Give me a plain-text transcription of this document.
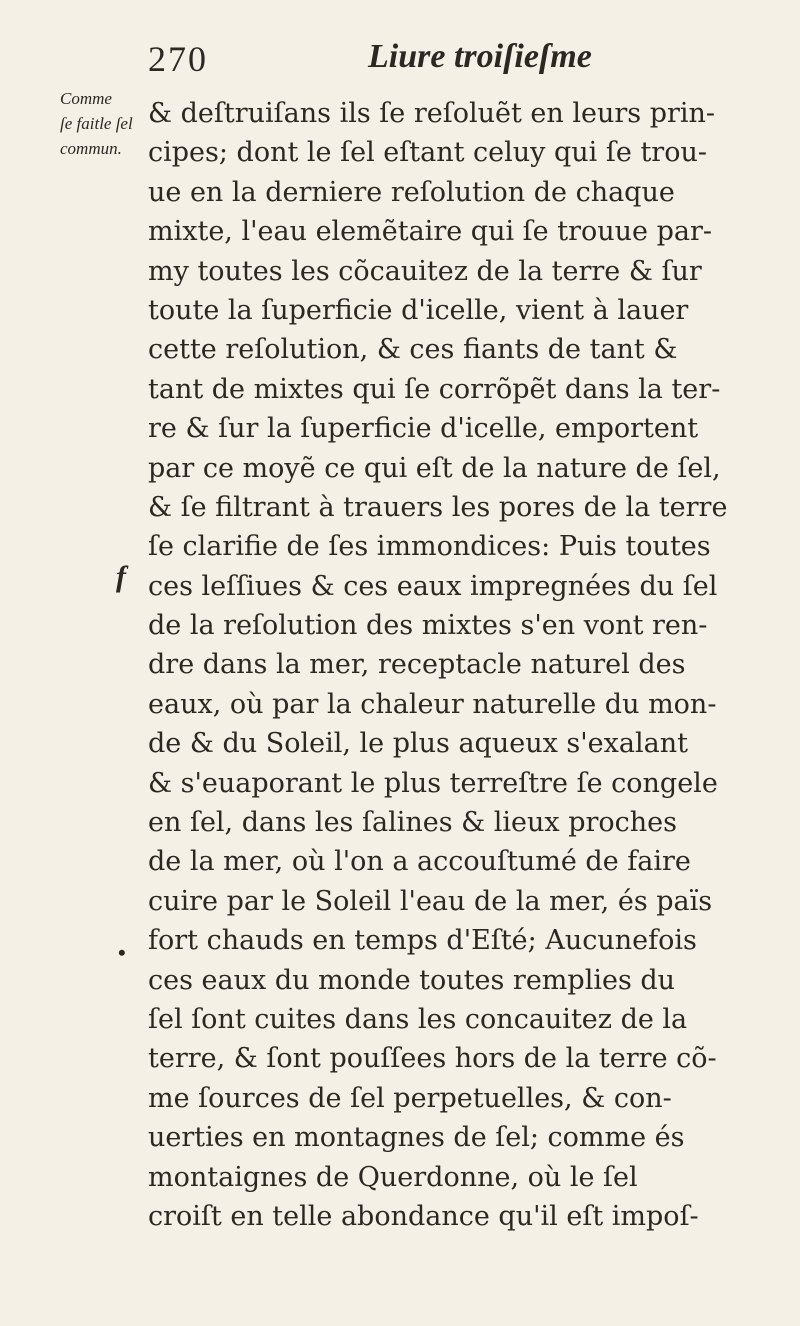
270	Liure troiſieſme
Comme
ſe faitle ſel
commun.
f
•
& deſtruiſans ils ſe reſoluẽt en leurs prin-
cipes; dont le ſel eſtant celuy qui ſe trou-
ue en la derniere reſolution de chaque
mixte, l'eau elemẽtaire qui ſe trouue par-
my toutes les cõcauitez de la terre & ſur
toute la ſuperficie d'icelle, vient à lauer
cette reſolution, & ces fiants de tant &
tant de mixtes qui ſe corrõpẽt dans la ter-
re & ſur la ſuperficie d'icelle, emportent
par ce moyẽ ce qui eſt de la nature de ſel,
& ſe filtrant à trauers les pores de la terre
ſe clarifie de ſes immondices: Puis toutes
ces leſſiues & ces eaux impregnées du ſel
de la reſolution des mixtes s'en vont ren-
dre dans la mer, receptacle naturel des
eaux, où par la chaleur naturelle du mon-
de & du Soleil, le plus aqueux s'exalant
& s'euaporant le plus terreſtre ſe congele
en ſel, dans les ſalines & lieux proches
de la mer, où l'on a accouſtumé de faire
cuire par le Soleil l'eau de la mer, és païs
fort chauds en temps d'Eſté; Aucunefois
ces eaux du monde toutes remplies du
ſel ſont cuites dans les concauitez de la
terre, & ſont pouſſees hors de la terre cõ-
me ſources de ſel perpetuelles, & con-
uerties en montagnes de ſel; comme és
montaignes de Querdonne, où le ſel
croiſt en telle abondance qu'il eſt impoſ-
